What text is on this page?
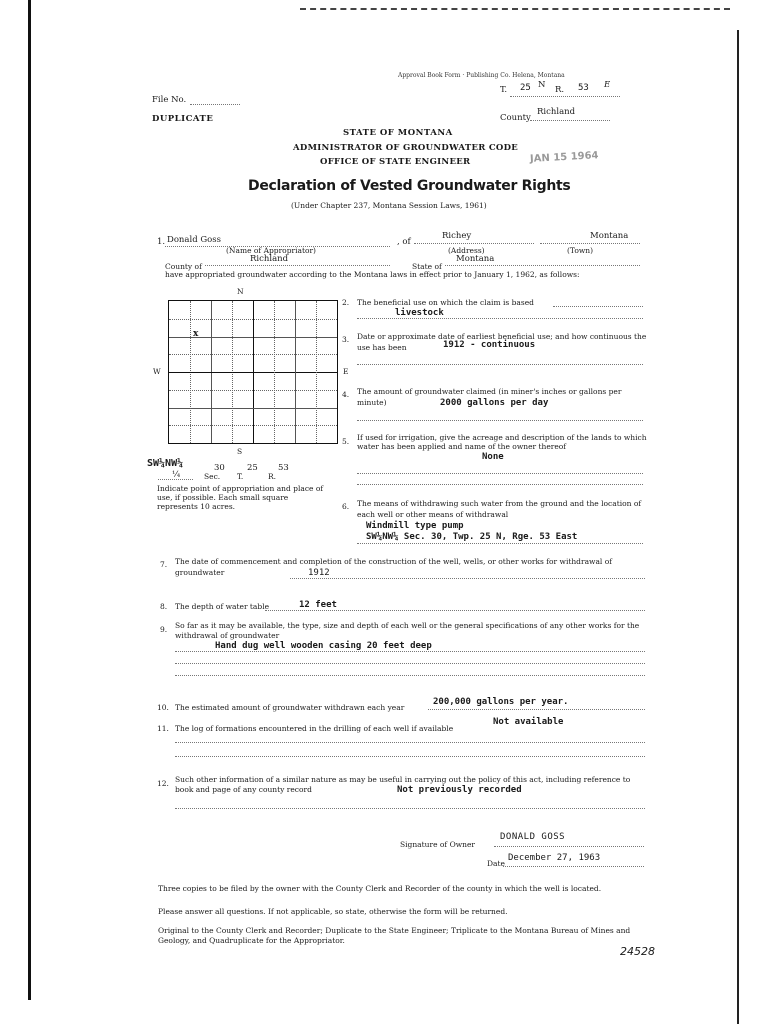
Approval Book Form · Publishing Co. Helena, Montana
File No.
DUPLICATE
T. 25 N R. 53 E
County
Richland
STATE OF MONTANA
ADMINISTRATOR OF GROUNDWATER CODE
OFFICE OF STATE ENGINEER	JAN 15 1964
Declaration of Vested Groundwater Rights
(Under Chapter 237, Montana Session Laws, 1961)
1. Donald Goss
(Name of Appropriator)
, of
Richey
(Address)
Montana
(Town)
County of
Richland
State of
Montana
have appropriated groundwater according to the Montana laws in effect prior to January 1, 1962, as follows:
N
W	E
S
x
SW¼NW¼
¼	Sec.
30
T.
25
R.
53
Indicate point of appropriation and place of use, if possible. Each small square represents 10 acres.
2. The beneficial use on which the claim is based
livestock
3. Date or approximate date of earliest beneficial use; and how continuous the use has been	1912 - continuous
4. The amount of groundwater claimed (in miner's inches or gallons per minute)	2000 gallons per day
5. If used for irrigation, give the acreage and description of the lands to which water has been applied and name of the owner thereof
None
6. The means of withdrawing such water from the ground and the location of each well or other means of withdrawal
Windmill type pump
SW¼NW¼ Sec. 30, Twp. 25 N, Rge. 53 East
7. The date of commencement and completion of the construction of the well, wells, or other works for withdrawal of groundwater	1912
8. The depth of water table	12 feet
9. So far as it may be available, the type, size and depth of each well or the general specifications of any other works for the withdrawal of groundwater
Hand dug well wooden casing 20 feet deep
10. The estimated amount of groundwater withdrawn each year
200,000 gallons per year.
11. The log of formations encountered in the drilling of each well if available
Not available
12. Such other information of a similar nature as may be useful in carrying out the policy of this act, including reference to book and page of any county record	Not previously recorded
Signature of Owner
DONALD GOSS
Date
December 27, 1963
Three copies to be filed by the owner with the County Clerk and Recorder of the county in which the well is located.
Please answer all questions. If not applicable, so state, otherwise the form will be returned.
Original to the County Clerk and Recorder; Duplicate to the State Engineer; Triplicate to the Montana Bureau of Mines and Geology, and Quadruplicate for the Appropriator.
24528
